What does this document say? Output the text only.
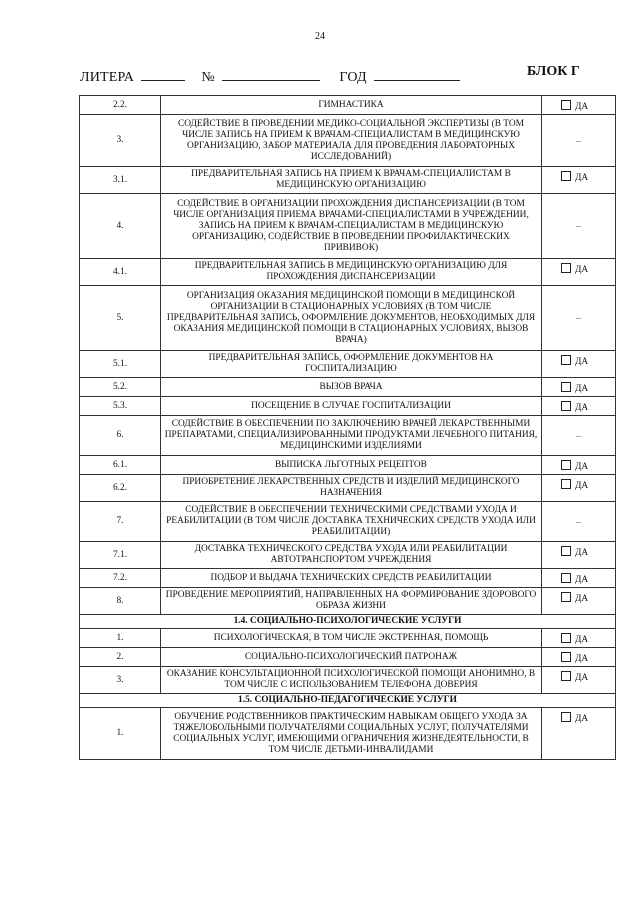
24
ЛИТЕРА	№	ГОД	БЛОК Г
2.2.	ГИМНАСТИКА	ДА
3.	СОДЕЙСТВИЕ В ПРОВЕДЕНИИ МЕДИКО-СОЦИАЛЬНОЙ ЭКСПЕРТИЗЫ (В ТОМ ЧИСЛЕ ЗАПИСЬ НА ПРИЕМ К ВРАЧАМ-СПЕЦИАЛИСТАМ В МЕДИЦИНСКУЮ ОРГАНИЗАЦИЮ, ЗАБОР МАТЕРИАЛА ДЛЯ ПРОВЕДЕНИЯ ЛАБОРАТОРНЫХ ИССЛЕДОВАНИЙ)	–
3.1.	ПРЕДВАРИТЕЛЬНАЯ ЗАПИСЬ НА ПРИЕМ К ВРАЧАМ-СПЕЦИАЛИСТАМ В МЕДИЦИНСКУЮ ОРГАНИЗАЦИЮ	ДА
4.	СОДЕЙСТВИЕ В ОРГАНИЗАЦИИ ПРОХОЖДЕНИЯ ДИСПАНСЕРИЗАЦИИ (В ТОМ ЧИСЛЕ ОРГАНИЗАЦИЯ ПРИЕМА ВРАЧАМИ-СПЕЦИАЛИСТАМИ В УЧРЕЖДЕНИИ, ЗАПИСЬ НА ПРИЕМ К ВРАЧАМ-СПЕЦИАЛИСТАМ В МЕДИЦИНСКУЮ ОРГАНИЗАЦИЮ, СОДЕЙСТВИЕ В ПРОВЕДЕНИИ ПРОФИЛАКТИЧЕСКИХ ПРИВИВОК)	–
4.1.	ПРЕДВАРИТЕЛЬНАЯ ЗАПИСЬ В МЕДИЦИНСКУЮ ОРГАНИЗАЦИЮ ДЛЯ ПРОХОЖДЕНИЯ ДИСПАНСЕРИЗАЦИИ	ДА
5.	ОРГАНИЗАЦИЯ ОКАЗАНИЯ МЕДИЦИНСКОЙ ПОМОЩИ В МЕДИЦИНСКОЙ ОРГАНИЗАЦИИ В СТАЦИОНАРНЫХ УСЛОВИЯХ (В ТОМ ЧИСЛЕ ПРЕДВАРИТЕЛЬНАЯ ЗАПИСЬ, ОФОРМЛЕНИЕ ДОКУМЕНТОВ, НЕОБХОДИМЫХ ДЛЯ ОКАЗАНИЯ МЕДИЦИНСКОЙ ПОМОЩИ В СТАЦИОНАРНЫХ УСЛОВИЯХ, ВЫЗОВ ВРАЧА)	–
5.1.	ПРЕДВАРИТЕЛЬНАЯ ЗАПИСЬ, ОФОРМЛЕНИЕ ДОКУМЕНТОВ НА ГОСПИТАЛИЗАЦИЮ	ДА
5.2.	ВЫЗОВ ВРАЧА	ДА
5.3.	ПОСЕЩЕНИЕ В СЛУЧАЕ ГОСПИТАЛИЗАЦИИ	ДА
6.	СОДЕЙСТВИЕ В ОБЕСПЕЧЕНИИ ПО ЗАКЛЮЧЕНИЮ ВРАЧЕЙ ЛЕКАРСТВЕННЫМИ ПРЕПАРАТАМИ, СПЕЦИАЛИЗИРОВАННЫМИ ПРОДУКТАМИ ЛЕЧЕБНОГО ПИТАНИЯ, МЕДИЦИНСКИМИ ИЗДЕЛИЯМИ	–
6.1.	ВЫПИСКА ЛЬГОТНЫХ РЕЦЕПТОВ	ДА
6.2.	ПРИОБРЕТЕНИЕ ЛЕКАРСТВЕННЫХ СРЕДСТВ И ИЗДЕЛИЙ МЕДИЦИНСКОГО НАЗНАЧЕНИЯ	ДА
7.	СОДЕЙСТВИЕ В ОБЕСПЕЧЕНИИ ТЕХНИЧЕСКИМИ СРЕДСТВАМИ УХОДА И РЕАБИЛИТАЦИИ (В ТОМ ЧИСЛЕ ДОСТАВКА ТЕХНИЧЕСКИХ СРЕДСТВ УХОДА ИЛИ РЕАБИЛИТАЦИИ)	–
7.1.	ДОСТАВКА ТЕХНИЧЕСКОГО СРЕДСТВА УХОДА ИЛИ РЕАБИЛИТАЦИИ АВТОТРАНСПОРТОМ УЧРЕЖДЕНИЯ	ДА
7.2.	ПОДБОР И ВЫДАЧА ТЕХНИЧЕСКИХ СРЕДСТВ РЕАБИЛИТАЦИИ	ДА
8.	ПРОВЕДЕНИЕ МЕРОПРИЯТИЙ, НАПРАВЛЕННЫХ НА ФОРМИРОВАНИЕ ЗДОРОВОГО ОБРАЗА ЖИЗНИ	ДА
1.4. СОЦИАЛЬНО-ПСИХОЛОГИЧЕСКИЕ УСЛУГИ		
1.	ПСИХОЛОГИЧЕСКАЯ, В ТОМ ЧИСЛЕ ЭКСТРЕННАЯ, ПОМОЩЬ	ДА
2.	СОЦИАЛЬНО-ПСИХОЛОГИЧЕСКИЙ ПАТРОНАЖ	ДА
3.	ОКАЗАНИЕ КОНСУЛЬТАЦИОННОЙ ПСИХОЛОГИЧЕСКОЙ ПОМОЩИ АНОНИМНО, В ТОМ ЧИСЛЕ С ИСПОЛЬЗОВАНИЕМ ТЕЛЕФОНА ДОВЕРИЯ	ДА
1.5. СОЦИАЛЬНО-ПЕДАГОГИЧЕСКИЕ УСЛУГИ		
1.	ОБУЧЕНИЕ РОДСТВЕННИКОВ ПРАКТИЧЕСКИМ НАВЫКАМ ОБЩЕГО УХОДА ЗА ТЯЖЕЛОБОЛЬНЫМИ ПОЛУЧАТЕЛЯМИ СОЦИАЛЬНЫХ УСЛУГ, ПОЛУЧАТЕЛЯМИ СОЦИАЛЬНЫХ УСЛУГ, ИМЕЮЩИМИ ОГРАНИЧЕНИЯ ЖИЗНЕДЕЯТЕЛЬНОСТИ, В ТОМ ЧИСЛЕ ДЕТЬМИ-ИНВАЛИДАМИ	ДА
